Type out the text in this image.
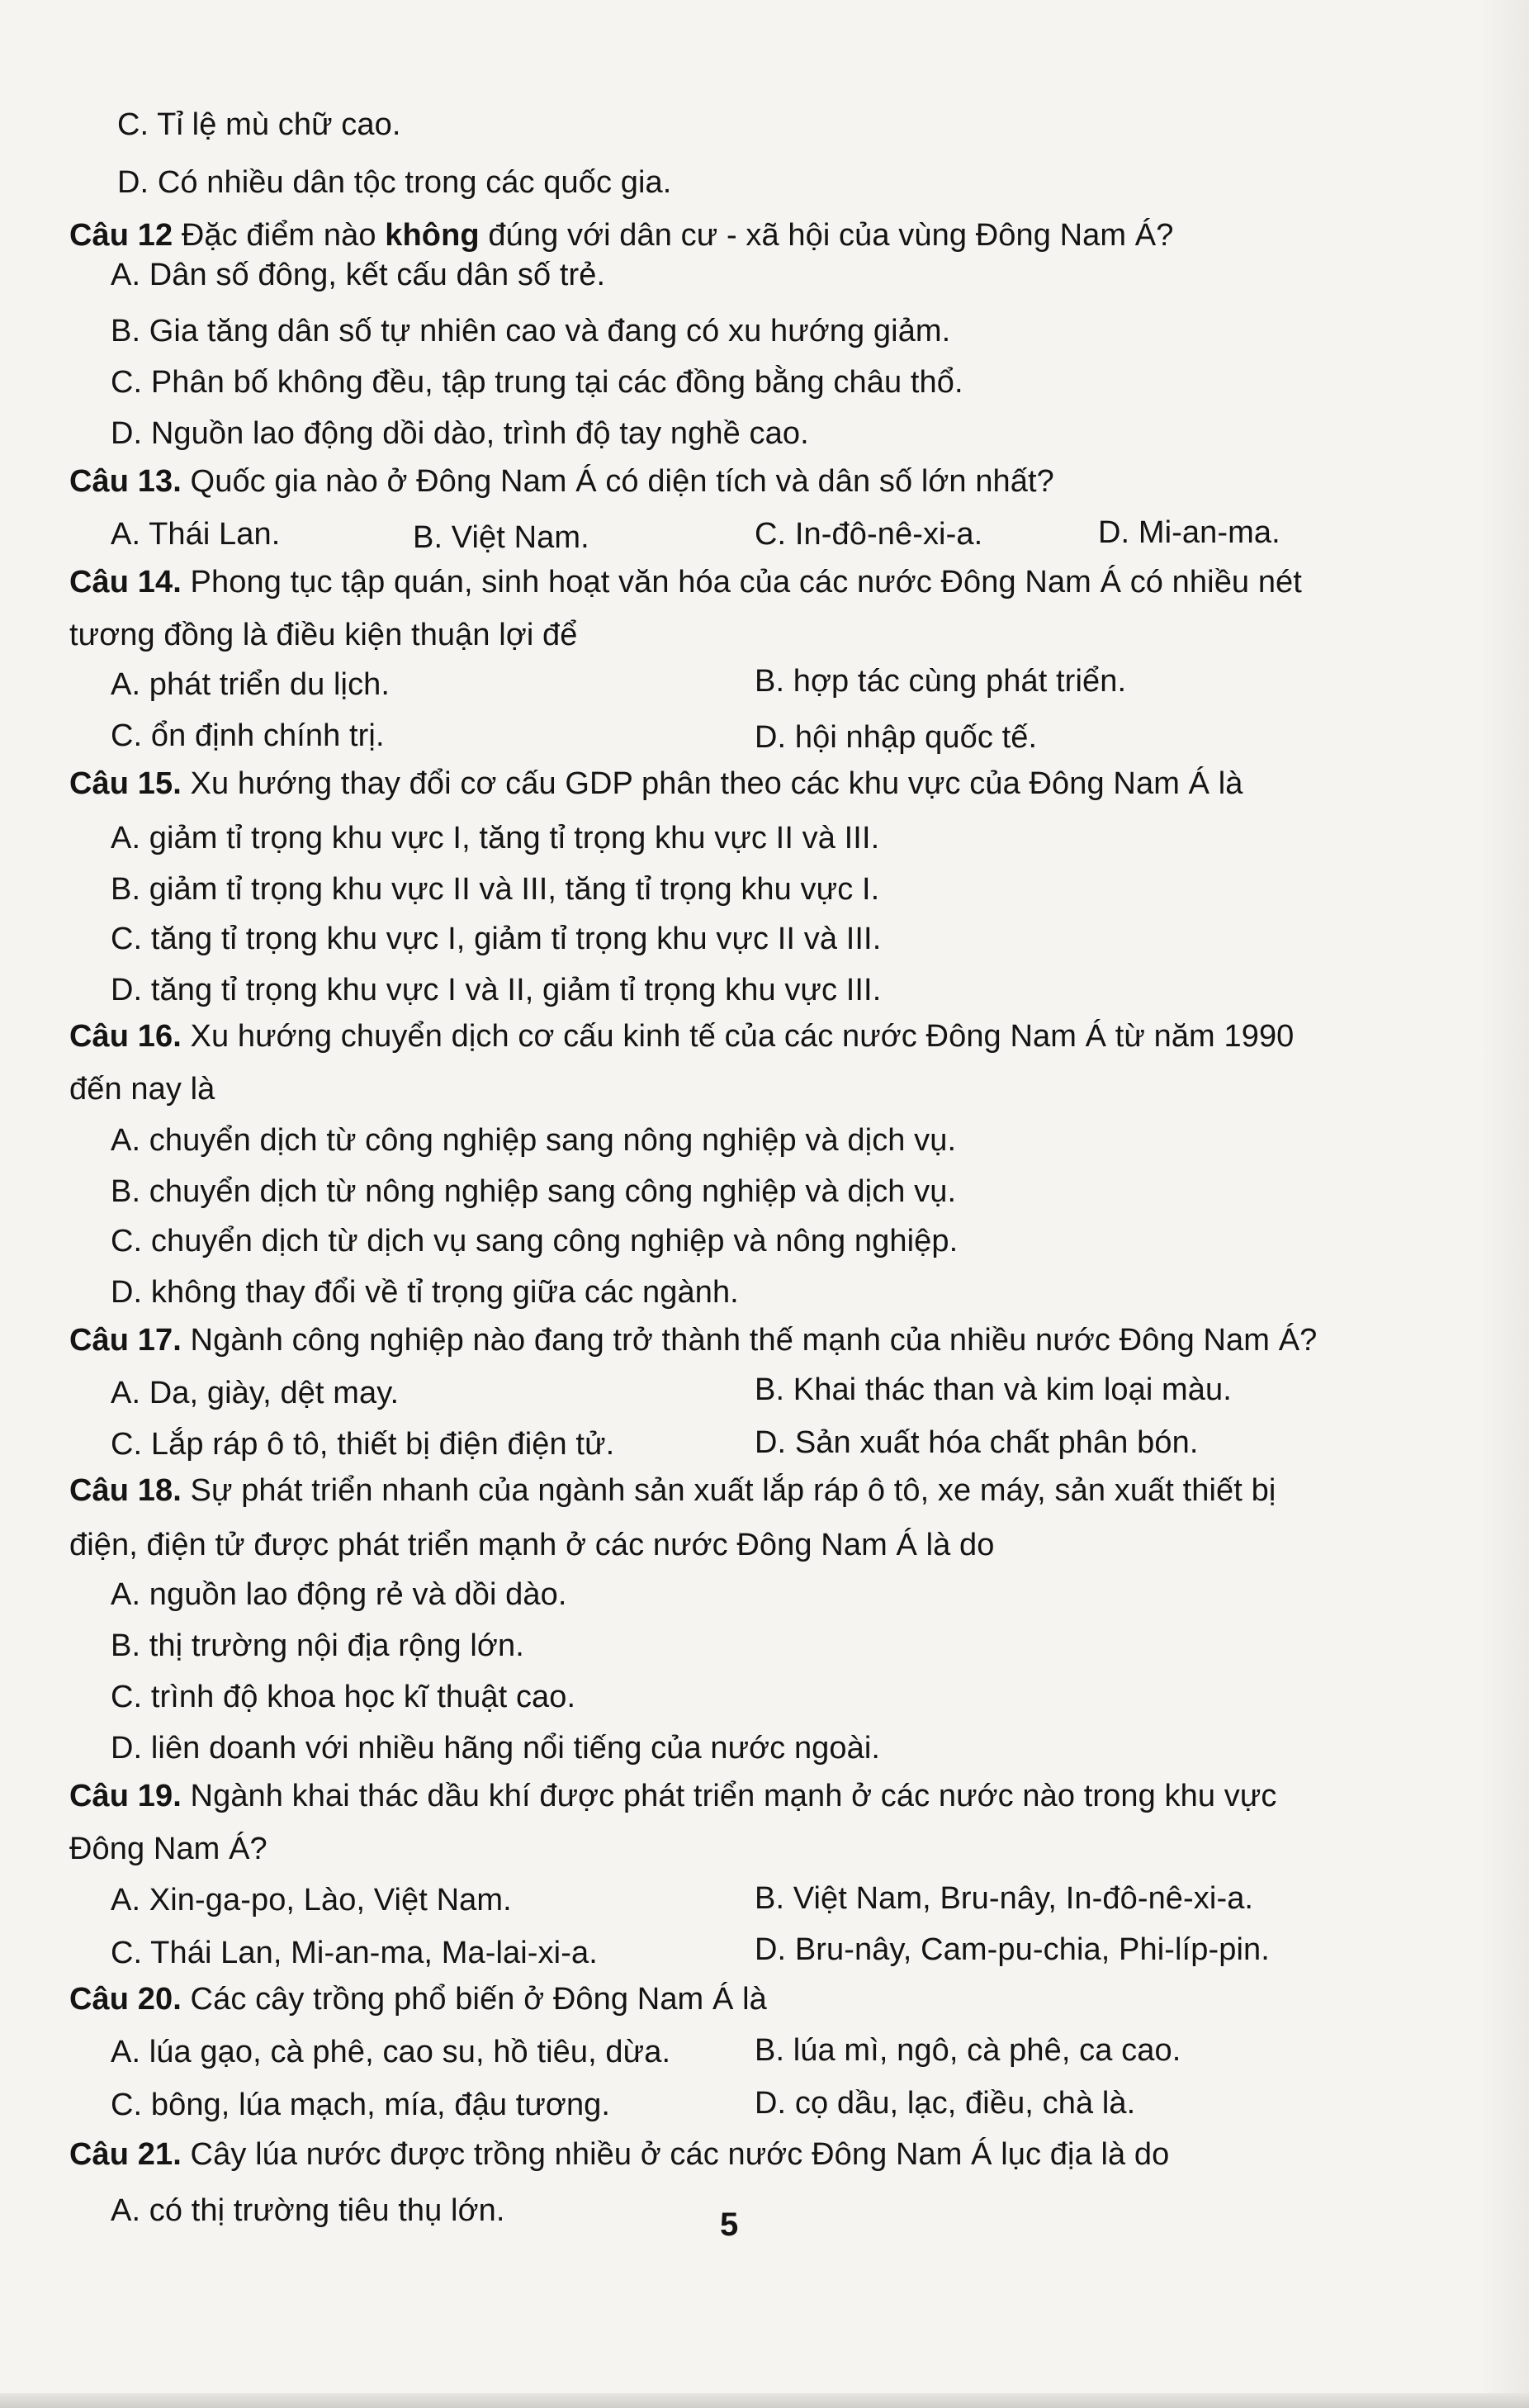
C. Tỉ lệ mù chữ cao.
D. Có nhiều dân tộc trong các quốc gia.
Câu 12 Đặc điểm nào không đúng với dân cư - xã hội của vùng Đông Nam Á?
A. Dân số đông, kết cấu dân số trẻ.
B. Gia tăng dân số tự nhiên cao và đang có xu hướng giảm.
C. Phân bố không đều, tập trung tại các đồng bằng châu thổ.
D. Nguồn lao động dồi dào, trình độ tay nghề cao.
Câu 13. Quốc gia nào ở Đông Nam Á có diện tích và dân số lớn nhất?
A. Thái Lan.	B. Việt Nam.	C. In-đô-nê-xi-a.	D. Mi-an-ma.
Câu 14. Phong tục tập quán, sinh hoạt văn hóa của các nước Đông Nam Á có nhiều nét
tương đồng là điều kiện thuận lợi để
A. phát triển du lịch.	B. hợp tác cùng phát triển.
C. ổn định chính trị.	D. hội nhập quốc tế.
Câu 15. Xu hướng thay đổi cơ cấu GDP phân theo các khu vực của Đông Nam Á là
A. giảm tỉ trọng khu vực I, tăng tỉ trọng khu vực II và III.
B. giảm tỉ trọng khu vực II và III, tăng tỉ trọng khu vực I.
C. tăng tỉ trọng khu vực I, giảm tỉ trọng khu vực II và III.
D. tăng tỉ trọng khu vực I và II, giảm tỉ trọng khu vực III.
Câu 16. Xu hướng chuyển dịch cơ cấu kinh tế của các nước Đông Nam Á từ năm 1990
đến nay là
A. chuyển dịch từ công nghiệp sang nông nghiệp và dịch vụ.
B. chuyển dịch từ nông nghiệp sang công nghiệp và dịch vụ.
C. chuyển dịch từ dịch vụ sang công nghiệp và nông nghiệp.
D. không thay đổi về tỉ trọng giữa các ngành.
Câu 17. Ngành công nghiệp nào đang trở thành thế mạnh của nhiều nước Đông Nam Á?
A. Da, giày, dệt may.	B. Khai thác than và kim loại màu.
C. Lắp ráp ô tô, thiết bị điện điện tử.	D. Sản xuất hóa chất phân bón.
Câu 18. Sự phát triển nhanh của ngành sản xuất lắp ráp ô tô, xe máy, sản xuất thiết bị
điện, điện tử được phát triển mạnh ở các nước Đông Nam Á là do
A. nguồn lao động rẻ và dồi dào.
B. thị trường nội địa rộng lớn.
C. trình độ khoa học kĩ thuật cao.
D. liên doanh với nhiều hãng nổi tiếng của nước ngoài.
Câu 19. Ngành khai thác dầu khí được phát triển mạnh ở các nước nào trong khu vực
Đông Nam Á?
A. Xin-ga-po, Lào, Việt Nam.	B. Việt Nam, Bru-nây, In-đô-nê-xi-a.
C. Thái Lan, Mi-an-ma, Ma-lai-xi-a.	D. Bru-nây, Cam-pu-chia, Phi-líp-pin.
Câu 20. Các cây trồng phổ biến ở Đông Nam Á là
A. lúa gạo, cà phê, cao su, hồ tiêu, dừa.	B. lúa mì, ngô, cà phê, ca cao.
C. bông, lúa mạch, mía, đậu tương.	D. cọ dầu, lạc, điều, chà là.
Câu 21. Cây lúa nước được trồng nhiều ở các nước Đông Nam Á lục địa là do
A. có thị trường tiêu thụ lớn.	5
